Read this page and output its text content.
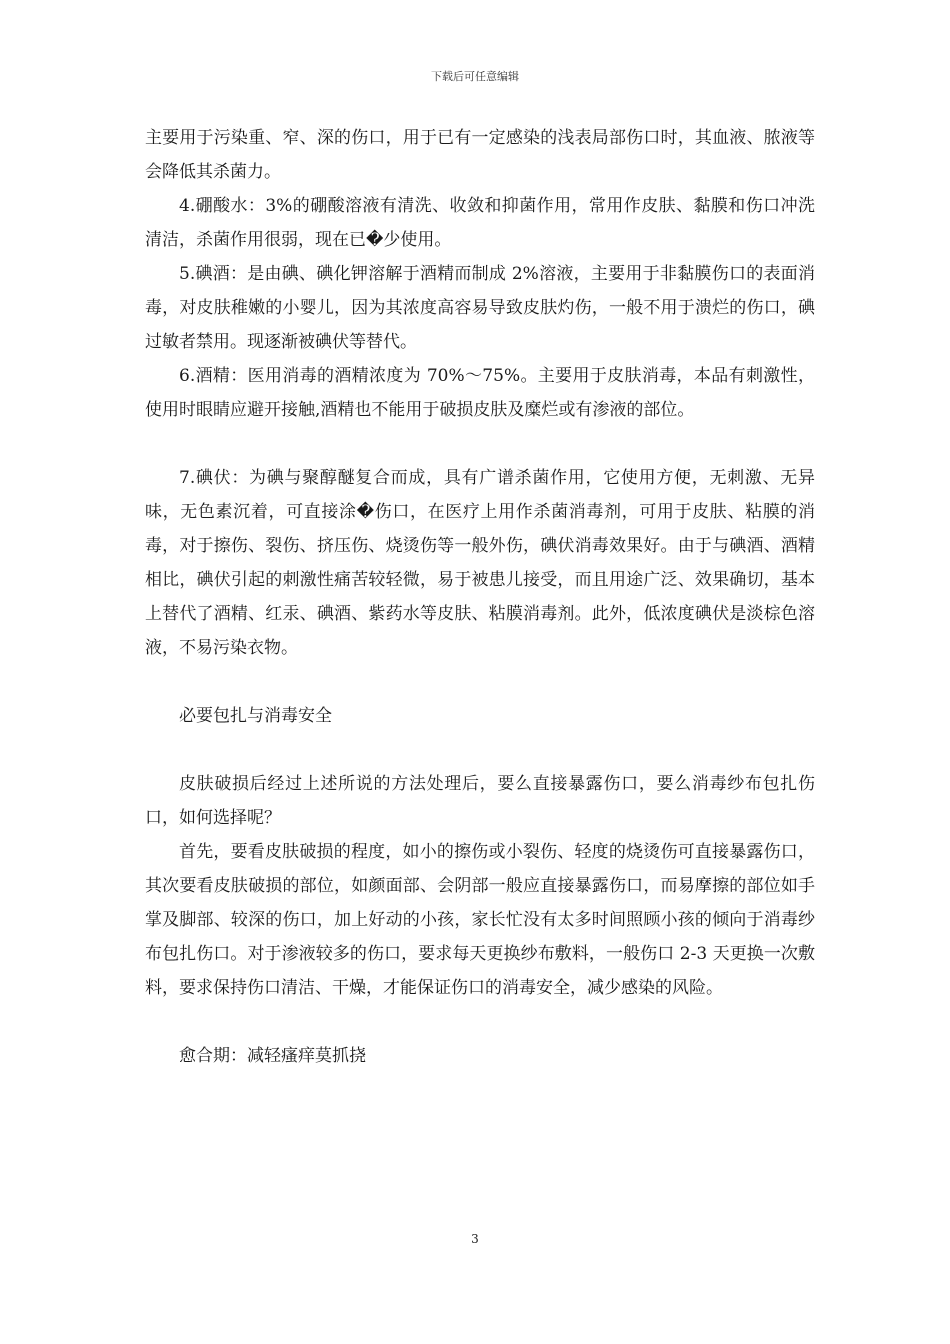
下载后可任意编辑

主要用于污染重、窄、深的伤口，用于已有一定感染的浅表局部伤口时，其血液、脓液等会降低其杀菌力。

4.硼酸水：3%的硼酸溶液有清洗、收敛和抑菌作用，常用作皮肤、黏膜和伤口冲洗清洁，杀菌作用很弱，现在已�少使用。

5.碘酒：是由碘、碘化钾溶解于酒精而制成 2%溶液，主要用于非黏膜伤口的表面消毒，对皮肤稚嫩的小婴儿，因为其浓度高容易导致皮肤灼伤，一般不用于溃烂的伤口，碘过敏者禁用。现逐渐被碘伏等替代。

6.酒精：医用消毒的酒精浓度为 70%～75%。主要用于皮肤消毒，本品有刺激性，使用时眼睛应避开接触,酒精也不能用于破损皮肤及糜烂或有渗液的部位。

7.碘伏：为碘与聚醇醚复合而成，具有广谱杀菌作用，它使用方便，无刺激、无异味，无色素沉着，可直接涂�伤口，在医疗上用作杀菌消毒剂，可用于皮肤、粘膜的消毒，对于擦伤、裂伤、挤压伤、烧烫伤等一般外伤，碘伏消毒效果好。由于与碘酒、酒精相比，碘伏引起的刺激性痛苦较轻微，易于被患儿接受，而且用途广泛、效果确切，基本上替代了酒精、红汞、碘酒、紫药水等皮肤、粘膜消毒剂。此外，低浓度碘伏是淡棕色溶液，不易污染衣物。

必要包扎与消毒安全

皮肤破损后经过上述所说的方法处理后，要么直接暴露伤口，要么消毒纱布包扎伤口，如何选择呢？

首先，要看皮肤破损的程度，如小的擦伤或小裂伤、轻度的烧烫伤可直接暴露伤口，其次要看皮肤破损的部位，如颜面部、会阴部一般应直接暴露伤口，而易摩擦的部位如手掌及脚部、较深的伤口，加上好动的小孩，家长忙没有太多时间照顾小孩的倾向于消毒纱布包扎伤口。对于渗液较多的伤口，要求每天更换纱布敷料，一般伤口 2-3 天更换一次敷料，要求保持伤口清洁、干燥，才能保证伤口的消毒安全，减少感染的风险。

愈合期：减轻瘙痒莫抓挠

3
